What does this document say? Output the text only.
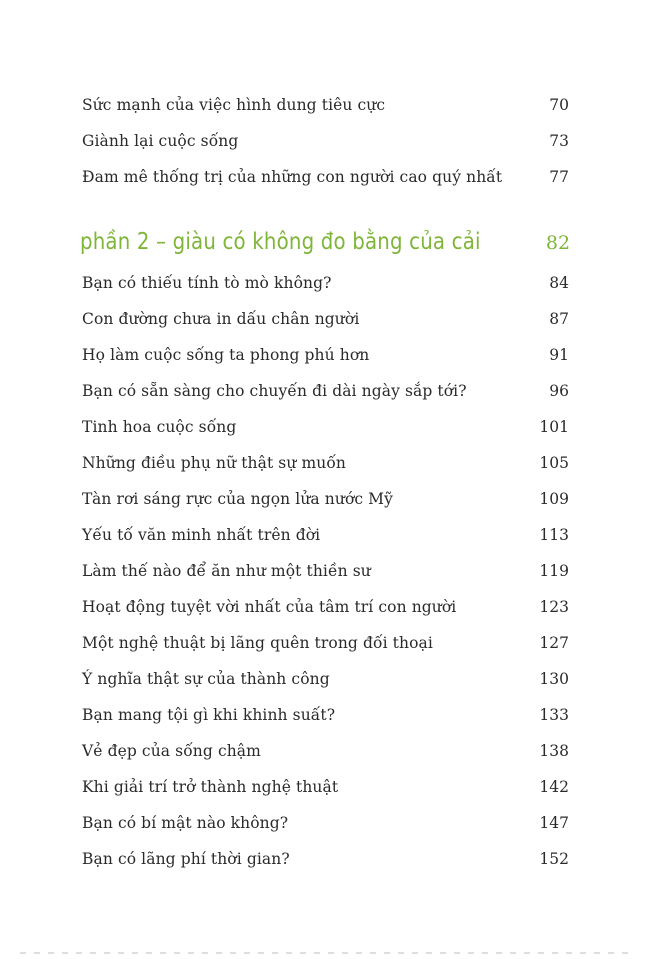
Sức mạnh của việc hình dung tiêu cực	70
Giành lại cuộc sống	73
Đam mê thống trị của những con người cao quý nhất	77
phần 2 – giàu có không đo bằng của cải	82
Bạn có thiếu tính tò mò không?	84
Con đường chưa in dấu chân người	87
Họ làm cuộc sống ta phong phú hơn	91
Bạn có sẵn sàng cho chuyến đi dài ngày sắp tới?	96
Tinh hoa cuộc sống	101
Những điều phụ nữ thật sự muốn	105
Tàn rơi sáng rực của ngọn lửa nước Mỹ	109
Yếu tố văn minh nhất trên đời	113
Làm thế nào để ăn như một thiền sư	119
Hoạt động tuyệt vời nhất của tâm trí con người	123
Một nghệ thuật bị lãng quên trong đối thoại	127
Ý nghĩa thật sự của thành công	130
Bạn mang tội gì khi khinh suất?	133
Vẻ đẹp của sống chậm	138
Khi giải trí trở thành nghệ thuật	142
Bạn có bí mật nào không?	147
Bạn có lãng phí thời gian?	152
